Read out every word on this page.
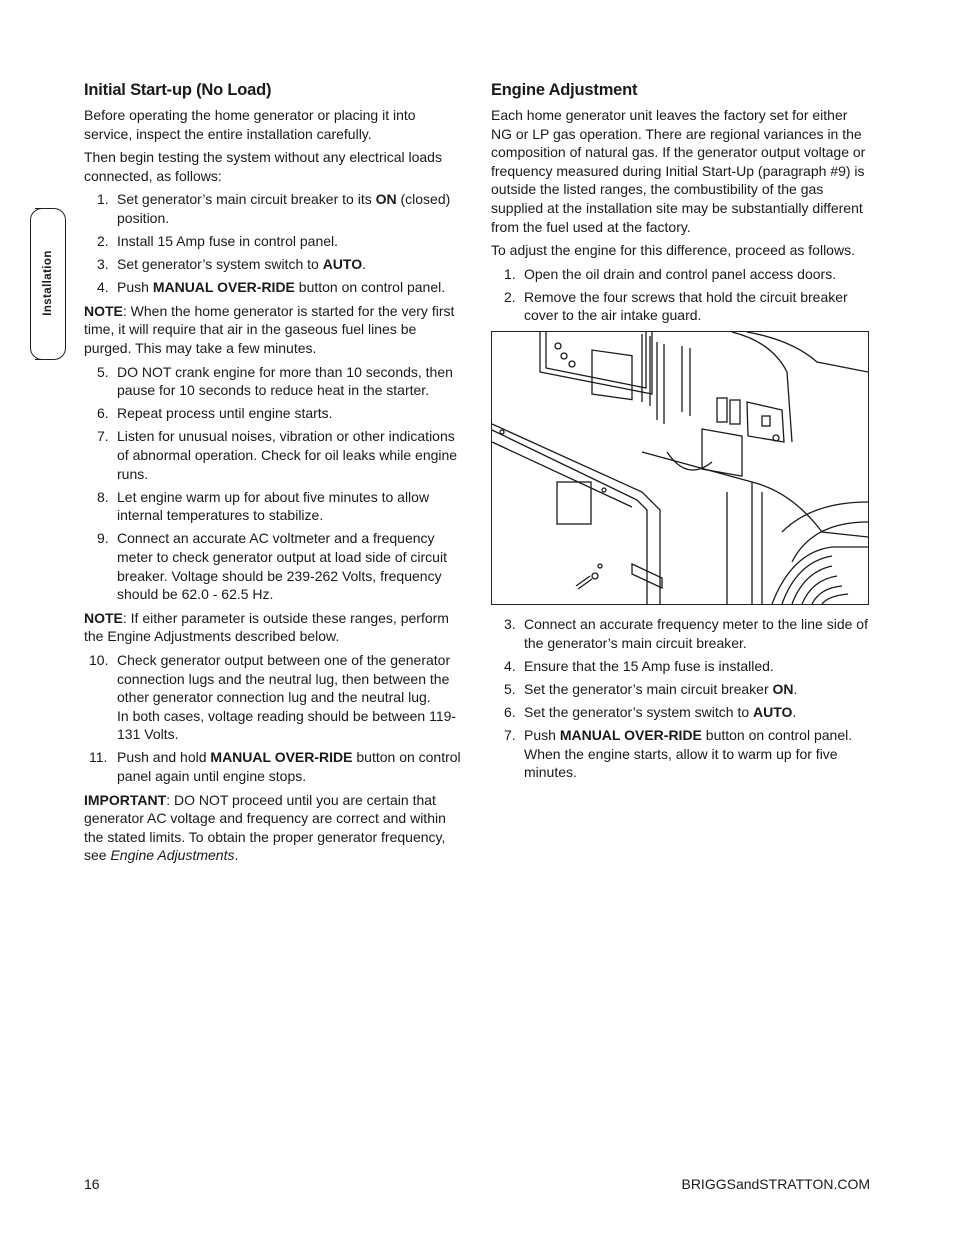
Installation
Initial Start-up (No Load)

Before operating the home generator or placing it into service, inspect the entire installation carefully.

Then begin testing the system without any electrical loads connected, as follows:

1. Set generator’s main circuit breaker to its ON (closed) position.
2. Install 15 Amp fuse in control panel.
3. Set generator’s system switch to AUTO.
4. Push MANUAL OVER-RIDE button on control panel.

NOTE: When the home generator is started for the very first time, it will require that air in the gaseous fuel lines be purged. This may take a few minutes.

5. DO NOT crank engine for more than 10 seconds, then pause for 10 seconds to reduce heat in the starter.
6. Repeat process until engine starts.
7. Listen for unusual noises, vibration or other indications of abnormal operation. Check for oil leaks while engine runs.
8. Let engine warm up for about five minutes to allow internal temperatures to stabilize.
9. Connect an accurate AC voltmeter and a frequency meter to check generator output at load side of circuit breaker. Voltage should be 239-262 Volts, frequency should be 62.0 - 62.5 Hz.

NOTE: If either parameter is outside these ranges, perform the Engine Adjustments described below.

10. Check generator output between one of the generator connection lugs and the neutral lug, then between the other generator connection lug and the neutral lug.
In both cases, voltage reading should be between 119-131 Volts.
11. Push and hold MANUAL OVER-RIDE button on control panel again until engine stops.

IMPORTANT: DO NOT proceed until you are certain that generator AC voltage and frequency are correct and within the stated limits. To obtain the proper generator frequency, see Engine Adjustments.

Engine Adjustment

Each home generator unit leaves the factory set for either NG or LP gas operation. There are regional variances in the composition of natural gas. If the generator output voltage or frequency measured during Initial Start-Up (paragraph #9) is outside the listed ranges, the combustibility of the gas supplied at the installation site may be substantially different from the fuel used at the factory.

To adjust the engine for this difference, proceed as follows.

1. Open the oil drain and control panel access doors.
2. Remove the four screws that hold the circuit breaker cover to the air intake guard.
3. Connect an accurate frequency meter to the line side of the generator’s main circuit breaker.
4. Ensure that the 15 Amp fuse is installed.
5. Set the generator’s main circuit breaker ON.
6. Set the generator’s system switch to AUTO.
7. Push MANUAL OVER-RIDE button on control panel. When the engine starts, allow it to warm up for five minutes.
16	BRIGGSandSTRATTON.COM
